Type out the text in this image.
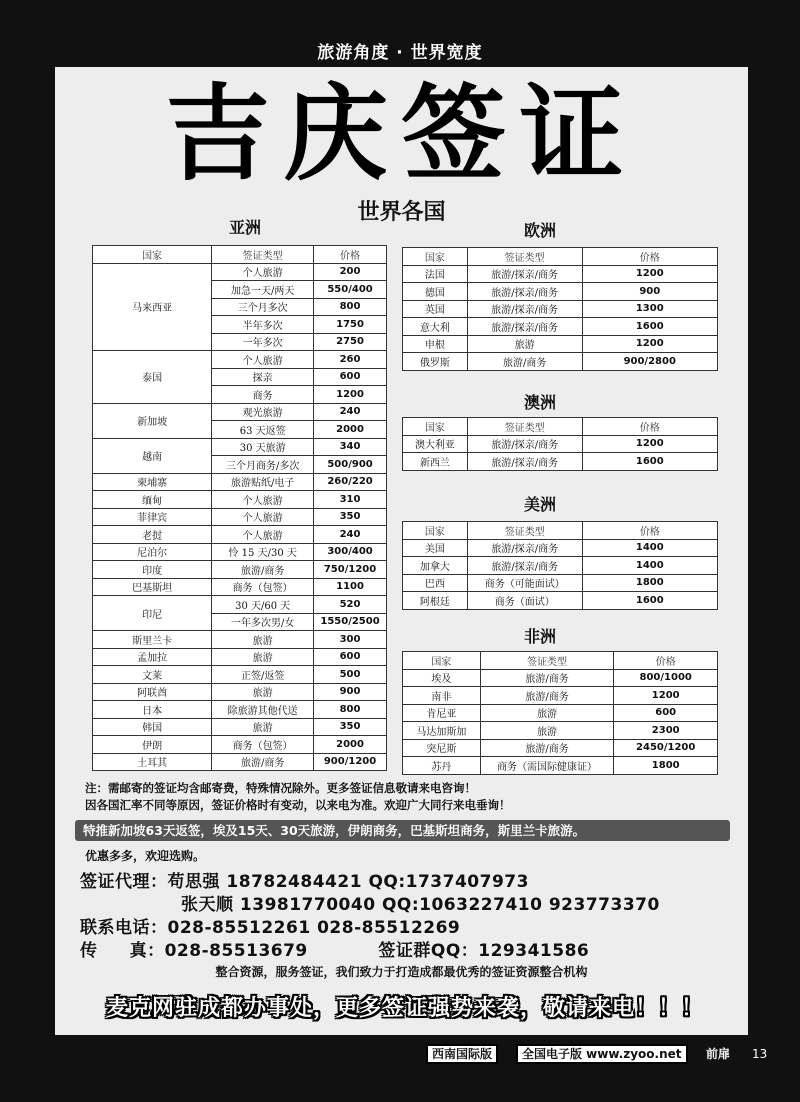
旅游角度 · 世界宽度
吉庆签证
世界各国
亚洲	欧洲
澳洲
美洲
非洲
国家	签证类型	价格
马来西亚	个人旅游	200
	加急一天/两天	550/400
	三个月多次	800
	半年多次	1750
	一年多次	2750
泰国	个人旅游	260
	探亲	600
	商务	1200
新加坡	观光旅游	240
	63 天返签	2000
越南	30 天旅游	340
	三个月商务/多次	500/900
柬埔寨	旅游贴纸/电子	260/220
缅甸	个人旅游	310
菲律宾	个人旅游	350
老挝	个人旅游	240
尼泊尔	怜 15 天/30 天	300/400
印度	旅游/商务	750/1200
巴基斯坦	商务（包签）	1100
印尼	30 天/60 天	520
	一年多次男/女	1550/2500
斯里兰卡	旅游	300
孟加拉	旅游	600
文莱	正签/返签	500
阿联酋	旅游	900
日本	除旅游其他代送	800
韩国	旅游	350
伊朗	商务（包签）	2000
土耳其	旅游/商务	900/1200
国家	签证类型	价格
法国	旅游/探亲/商务	1200
德国	旅游/探亲/商务	900
英国	旅游/探亲/商务	1300
意大利	旅游/探亲/商务	1600
申根	旅游	1200
俄罗斯	旅游/商务	900/2800
国家	签证类型	价格
澳大利亚	旅游/探亲/商务	1200
新西兰	旅游/探亲/商务	1600
国家	签证类型	价格
美国	旅游/探亲/商务	1400
加拿大	旅游/探亲/商务	1400
巴西	商务（可能面试）	1800
阿根廷	商务（面试）	1600
国家	签证类型	价格
埃及	旅游/商务	800/1000
南非	旅游/商务	1200
肯尼亚	旅游	600
马达加斯加	旅游	2300
突尼斯	旅游/商务	2450/1200
苏丹	商务（需国际健康证）	1800
注：需邮寄的签证均含邮寄费，特殊情况除外。更多签证信息敬请来电咨询！
因各国汇率不同等原因，签证价格时有变动，以来电为准。欢迎广大同行来电垂询！
特推新加坡63天返签，埃及15天、30天旅游，伊朗商务，巴基斯坦商务，斯里兰卡旅游。
优惠多多，欢迎选购。
签证代理：苟思强 18782484421 QQ:1737407973
张天顺 13981770040 QQ:1063227410 923773370
联系电话：028-85512261 028-85512269
传     真：028-85513679           签证群QQ：129341586
整合资源，服务签证，我们致力于打造成都最优秀的签证资源整合机构
麦克网驻成都办事处，更多签证强势来袭，敬请来电！！！
西南国际版	全国电子版 www.zyoo.net	前扉 13
